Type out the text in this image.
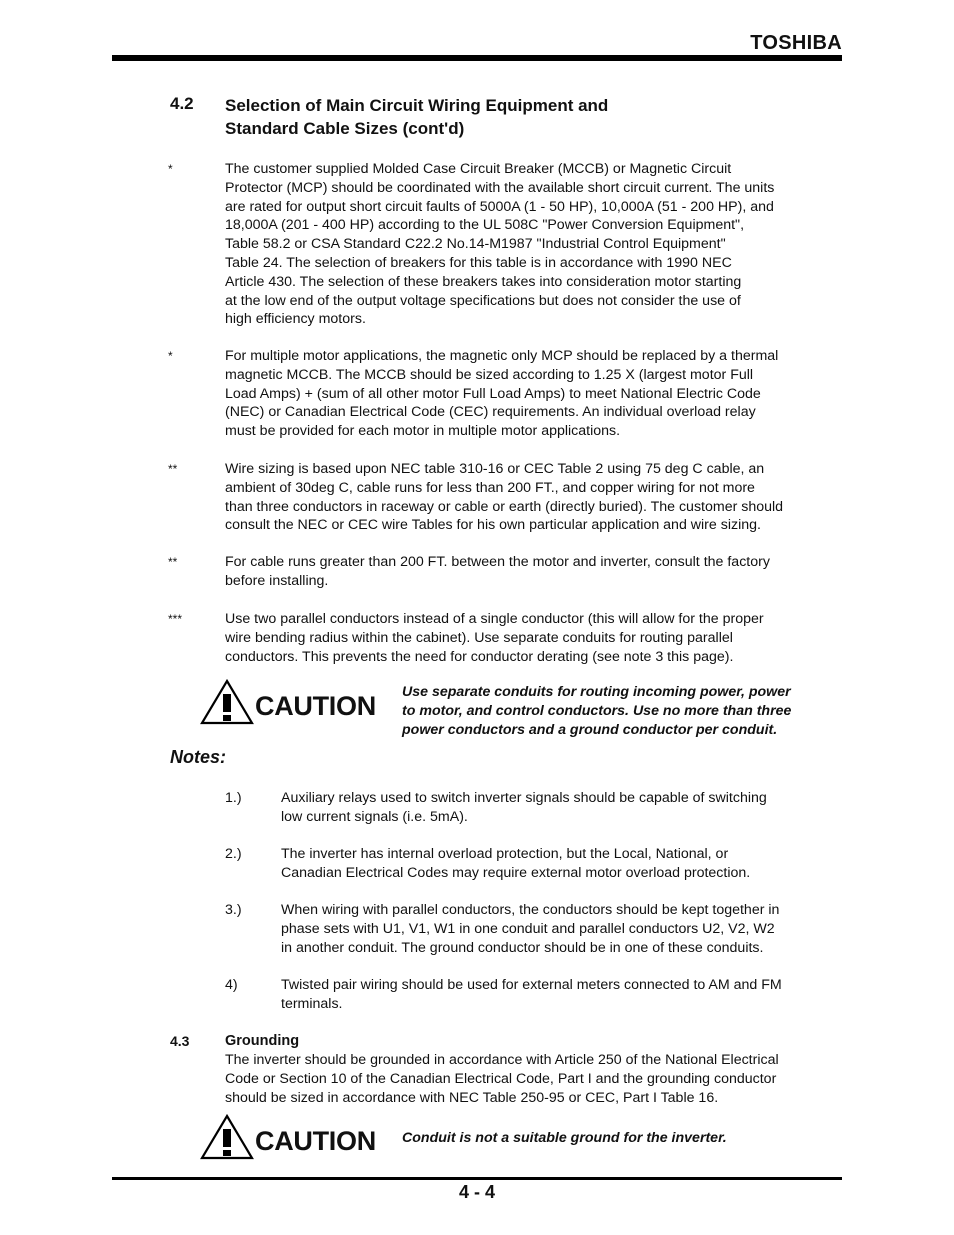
TOSHIBA
4.2 Selection of Main Circuit Wiring Equipment and
Standard Cable Sizes (cont'd)
*	The customer supplied Molded Case Circuit Breaker (MCCB) or Magnetic Circuit
Protector (MCP) should be coordinated with the available short circuit current. The units
are rated for output short circuit faults of 5000A (1 - 50 HP), 10,000A (51 - 200 HP), and
18,000A (201 - 400 HP) according to the UL 508C "Power Conversion Equipment",
Table 58.2 or CSA Standard C22.2 No.14-M1987 "Industrial Control Equipment"
Table 24. The selection of breakers for this table is in accordance with 1990 NEC
Article 430. The selection of these breakers takes into consideration motor starting
at the low end of the output voltage specifications but does not consider the use of
high efficiency motors.
*	For multiple motor applications, the magnetic only MCP should be replaced by a thermal
magnetic MCCB. The MCCB should be sized according to 1.25 X (largest motor Full
Load Amps) + (sum of all other motor Full Load Amps) to meet National Electric Code
(NEC) or Canadian Electrical Code (CEC) requirements. An individual overload relay
must be provided for each motor in multiple motor applications.
**	Wire sizing is based upon NEC table 310-16 or CEC Table 2 using 75 deg C cable, an
ambient of 30deg C, cable runs for less than 200 FT., and copper wiring for not more
than three conductors in raceway or cable or earth (directly buried). The customer should
consult the NEC or CEC wire Tables for his own particular application and wire sizing.
**	For cable runs greater than 200 FT. between the motor and inverter, consult the factory
before installing.
***	Use two parallel conductors instead of a single conductor (this will allow for the proper
wire bending radius within the cabinet). Use separate conduits for routing parallel
conductors. This prevents the need for conductor derating (see note 3 this page).
CAUTION Use separate conduits for routing incoming power, power
to motor, and control conductors. Use no more than three
power conductors and a ground conductor per conduit.
Notes:
1.)	Auxiliary relays used to switch inverter signals should be capable of switching
low current signals (i.e. 5mA).
2.)	The inverter has internal overload protection, but the Local, National, or
Canadian Electrical Codes may require external motor overload protection.
3.)	When wiring with parallel conductors, the conductors should be kept together in
phase sets with U1, V1, W1 in one conduit and parallel conductors U2, V2, W2
in another conduit. The ground conductor should be in one of these conduits.
4)	Twisted pair wiring should be used for external meters connected to AM and FM
terminals.
4.3 Grounding
The inverter should be grounded in accordance with Article 250 of the National Electrical
Code or Section 10 of the Canadian Electrical Code, Part I and the grounding conductor
should be sized in accordance with NEC Table 250-95 or CEC, Part I Table 16.
CAUTION Conduit is not a suitable ground for the inverter.
4 - 4
